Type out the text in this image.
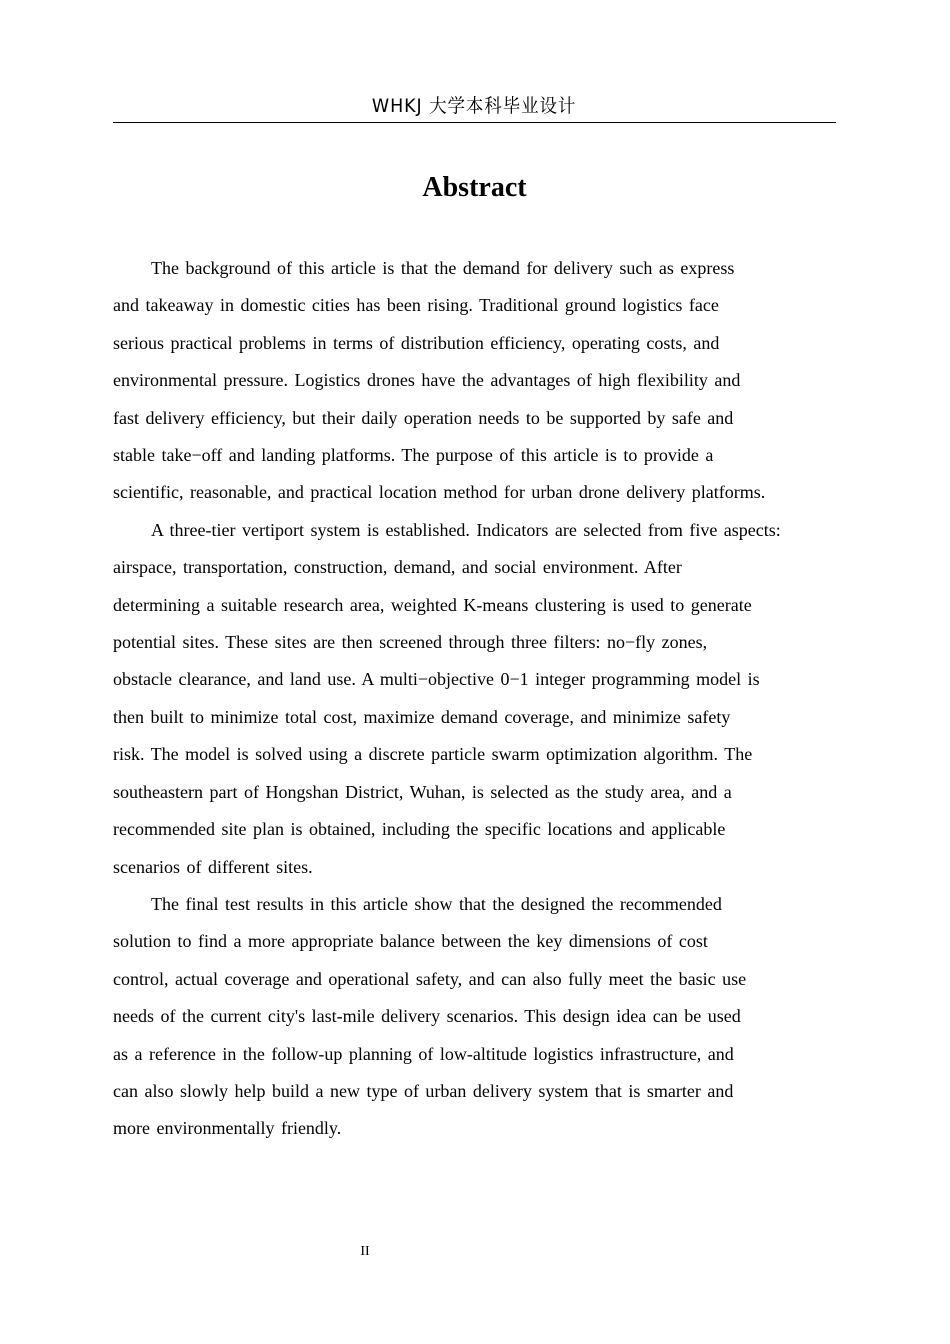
WHKJ 大学本科毕业设计
Abstract

The background of this article is that the demand for delivery such as express
and takeaway in domestic cities has been rising. Traditional ground logistics face
serious practical problems in terms of distribution efficiency, operating costs, and
environmental pressure. Logistics drones have the advantages of high flexibility and
fast delivery efficiency, but their daily operation needs to be supported by safe and
stable take−off and landing platforms. The purpose of this article is to provide a
scientific, reasonable, and practical location method for urban drone delivery platforms.

A three-tier vertiport system is established. Indicators are selected from five aspects:
airspace, transportation, construction, demand, and social environment. After
determining a suitable research area, weighted K-means clustering is used to generate
potential sites. These sites are then screened through three filters: no−fly zones,
obstacle clearance, and land use. A multi−objective 0−1 integer programming model is
then built to minimize total cost, maximize demand coverage, and minimize safety
risk. The model is solved using a discrete particle swarm optimization algorithm. The
southeastern part of Hongshan District, Wuhan, is selected as the study area, and a
recommended site plan is obtained, including the specific locations and applicable
scenarios of different sites.

The final test results in this article show that the designed the recommended
solution to find a more appropriate balance between the key dimensions of cost
control, actual coverage and operational safety, and can also fully meet the basic use
needs of the current city's last-mile delivery scenarios. This design idea can be used
as a reference in the follow-up planning of low-altitude logistics infrastructure, and
can also slowly help build a new type of urban delivery system that is smarter and
more environmentally friendly.

II
